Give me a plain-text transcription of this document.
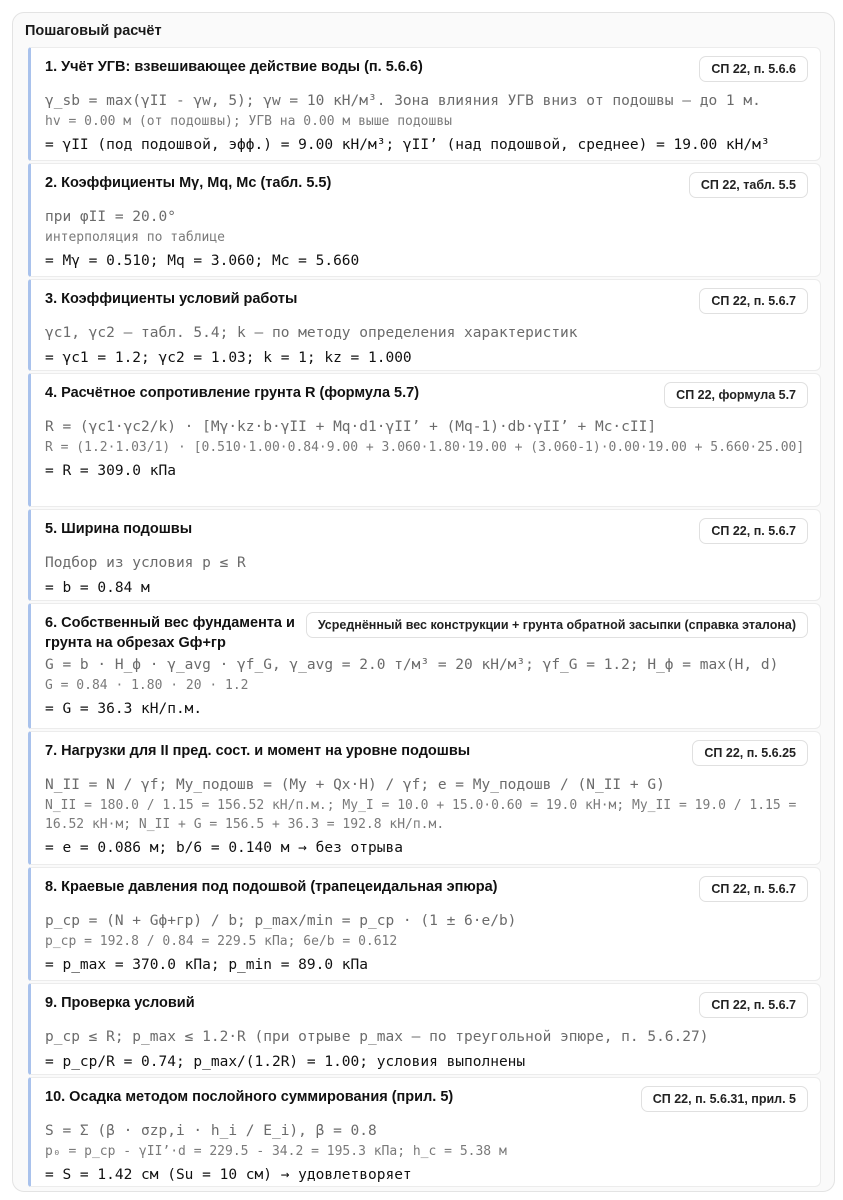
Пошаговый расчёт
1. Учёт УГВ: взвешивающее действие воды (п. 5.6.6)	СП 22, п. 5.6.6
γ_sb = max(γII - γw, 5); γw = 10 кН/м³. Зона влияния УГВ вниз от подошвы — до 1 м.
hv = 0.00 м (от подошвы); УГВ на 0.00 м выше подошвы
= γII (под подошвой, эфф.) = 9.00 кН/м³; γII’ (над подошвой, среднее) = 19.00 кН/м³
2. Коэффициенты Mγ, Mq, Mc (табл. 5.5)	СП 22, табл. 5.5
при φII = 20.0°
интерполяция по таблице
= Mγ = 0.510; Mq = 3.060; Mc = 5.660
3. Коэффициенты условий работы	СП 22, п. 5.6.7
γc1, γc2 — табл. 5.4; k — по методу определения характеристик
= γc1 = 1.2; γc2 = 1.03; k = 1; kz = 1.000
4. Расчётное сопротивление грунта R (формула 5.7)	СП 22, формула 5.7
R = (γc1·γc2/k) · [Mγ·kz·b·γII + Mq·d1·γII’ + (Mq-1)·db·γII’ + Mc·cII]
R = (1.2·1.03/1) · [0.510·1.00·0.84·9.00 + 3.060·1.80·19.00 + (3.060-1)·0.00·19.00 + 5.660·25.00]
= R = 309.0 кПа
5. Ширина подошвы	СП 22, п. 5.6.7
Подбор из условия p ≤ R
= b = 0.84 м
6. Собственный вес фундамента и грунта на обрезах Gф+гр
Усреднённый вес конструкции + грунта обратной засыпки (справка эталона)
G = b · H_ф · γ_avg · γf_G, γ_avg = 2.0 т/м³ = 20 кН/м³; γf_G = 1.2; H_ф = max(H, d)
G = 0.84 · 1.80 · 20 · 1.2
= G = 36.3 кН/п.м.
7. Нагрузки для II пред. сост. и момент на уровне подошвы	СП 22, п. 5.6.25
N_II = N / γf; My_подошв = (My + Qx·H) / γf; e = My_подошв / (N_II + G)
N_II = 180.0 / 1.15 = 156.52 кН/п.м.; My_I = 10.0 + 15.0·0.60 = 19.0 кН·м; My_II = 19.0 / 1.15 = 16.52 кН·м; N_II + G = 156.5 + 36.3 = 192.8 кН/п.м.
= e = 0.086 м; b/6 = 0.140 м → без отрыва
8. Краевые давления под подошвой (трапецеидальная эпюра)	СП 22, п. 5.6.7
p_cp = (N + Gф+гр) / b; p_max/min = p_cp · (1 ± 6·e/b)
p_cp = 192.8 / 0.84 = 229.5 кПа; 6e/b = 0.612
= p_max = 370.0 кПа; p_min = 89.0 кПа
9. Проверка условий	СП 22, п. 5.6.7
p_cp ≤ R; p_max ≤ 1.2·R (при отрыве p_max — по треугольной эпюре, п. 5.6.27)
= p_cp/R = 0.74; p_max/(1.2R) = 1.00; условия выполнены
10. Осадка методом послойного суммирования (прил. 5)	СП 22, п. 5.6.31, прил. 5
S = Σ (β · σzp,i · h_i / E_i), β = 0.8
p₀ = p_cp - γII’·d = 229.5 - 34.2 = 195.3 кПа; h_c = 5.38 м
= S = 1.42 см (Su = 10 см) → удовлетворяет
